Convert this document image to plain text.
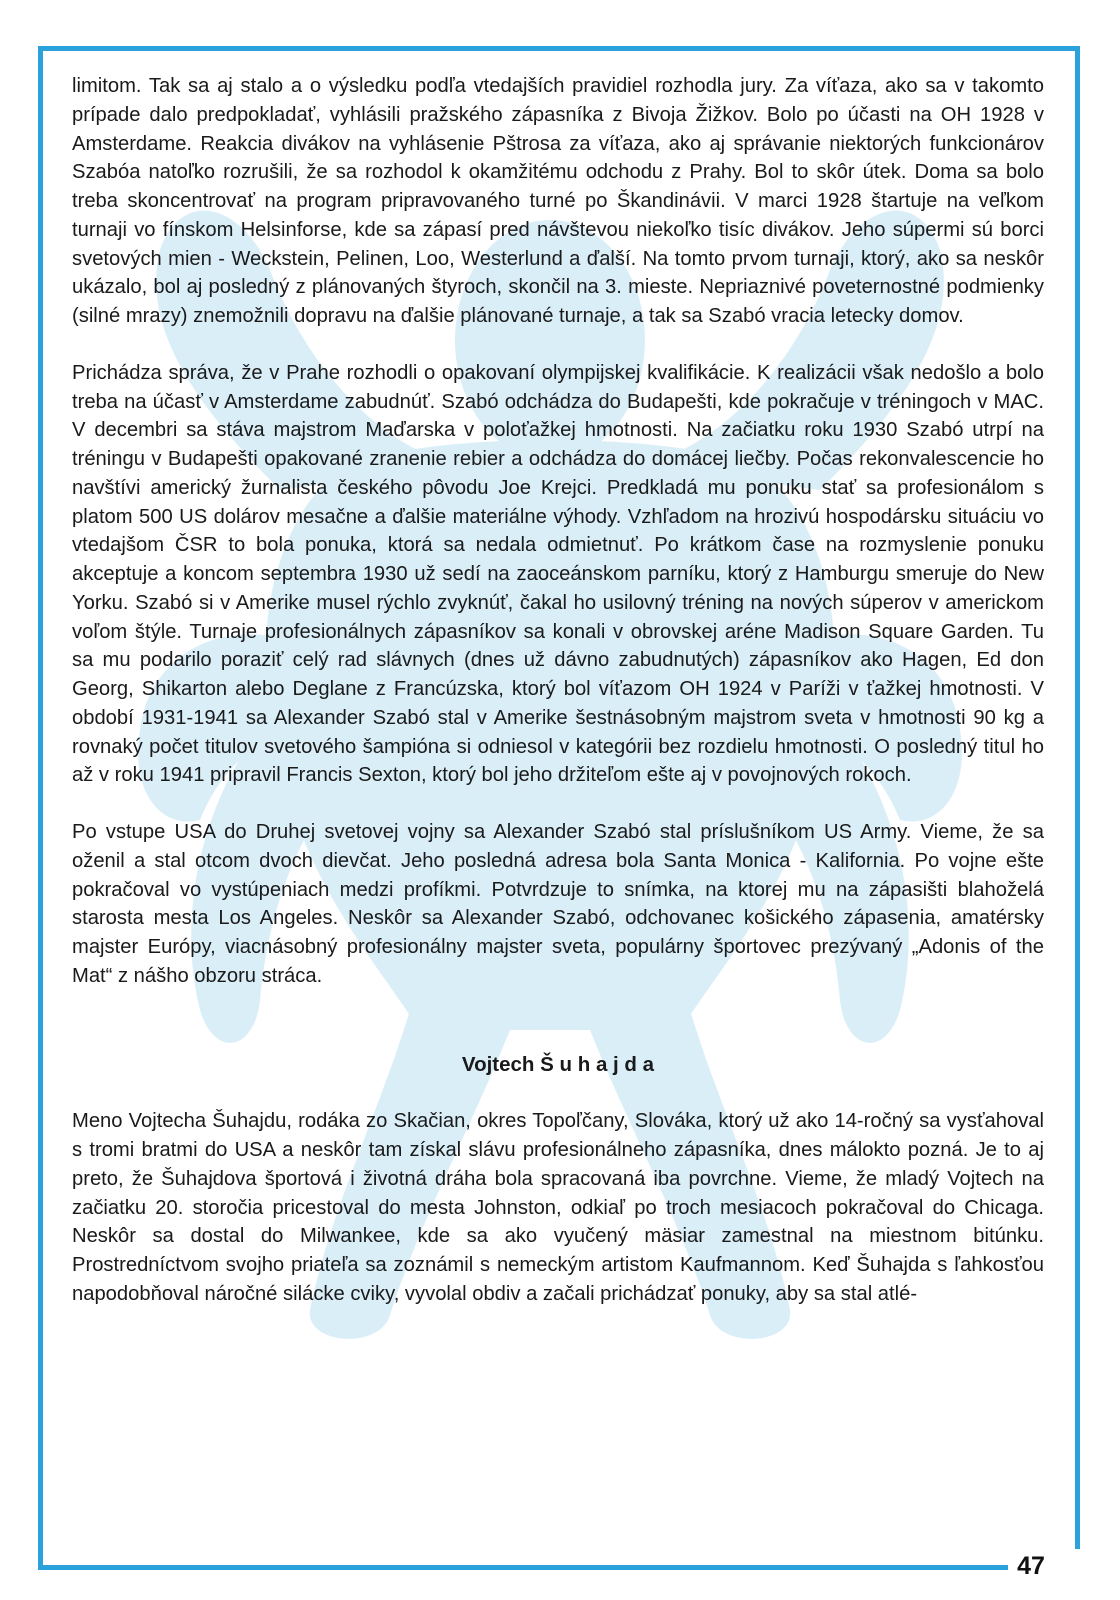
47

limitom. Tak sa aj stalo a o výsledku podľa vtedajších pravidiel rozhodla jury. Za víťaza, ako sa v takomto prípade dalo predpokladať, vyhlásili pražského zápasníka z Bivoja Žižkov. Bolo po účasti na OH 1928 v Amsterdame. Reakcia divákov na vyhlásenie Pštrosa za víťaza, ako aj správanie niektorých funkcionárov Szabóa natoľko rozrušili, že sa rozhodol k okamžitému odchodu z Prahy. Bol to skôr útek. Doma sa bolo treba skoncentrovať na program pripravovaného turné po Škandinávii. V marci 1928 štartuje na veľkom turnaji vo fínskom Helsinforse, kde sa zápasí pred návštevou niekoľko tisíc divákov. Jeho súpermi sú borci svetových mien - Weckstein, Pelinen, Loo, Westerlund a ďalší. Na tomto prvom turnaji, ktorý, ako sa neskôr ukázalo, bol aj posledný z plánovaných štyroch, skončil na 3. mieste. Nepriaznivé poveternostné podmienky (silné mrazy) znemožnili dopravu na ďalšie plánované turnaje, a tak sa Szabó vracia letecky domov.

Prichádza správa, že v Prahe rozhodli o opakovaní olympijskej kvalifikácie. K realizácii však nedošlo a bolo treba na účasť v Amsterdame zabudnúť. Szabó odchádza do Budapešti, kde pokračuje v tréningoch v MAC. V decembri sa stáva majstrom Maďarska v poloťažkej hmotnosti. Na začiatku roku 1930 Szabó utrpí na tréningu v Budapešti opakované zranenie rebier a odchádza do domácej liečby. Počas rekonvalescencie ho navštívi americký žurnalista českého pôvodu Joe Krejci. Predkladá mu ponuku stať sa profesionálom s platom 500 US dolárov mesačne a ďalšie materiálne výhody. Vzhľadom na hrozivú hospodársku situáciu vo vtedajšom ČSR to bola ponuka, ktorá sa nedala odmietnuť. Po krátkom čase na rozmyslenie ponuku akceptuje a koncom septembra 1930 už sedí na zaoceánskom parníku, ktorý z Hamburgu smeruje do New Yorku. Szabó si v Amerike musel rýchlo zvyknúť, čakal ho usilovný tréning na nových súperov v americkom voľom štýle. Turnaje profesionálnych zápasníkov sa konali v obrovskej aréne Madison Square Garden. Tu sa mu podarilo poraziť celý rad slávnych (dnes už dávno zabudnutých) zápasníkov ako Hagen, Ed don Georg, Shikarton alebo Deglane z Francúzska, ktorý bol víťazom OH 1924 v Paríži v ťažkej hmotnosti. V období 1931-1941 sa Alexander Szabó stal v Amerike šestnásobným majstrom sveta v hmotnosti 90 kg a rovnaký počet titulov svetového šampióna si odniesol v kategórii bez rozdielu hmotnosti. O posledný titul ho až v roku 1941 pripravil Francis Sexton, ktorý bol jeho držiteľom ešte aj v povojnových rokoch.

Po vstupe USA do Druhej svetovej vojny sa Alexander Szabó stal príslušníkom US Army. Vieme, že sa oženil a stal otcom dvoch dievčat. Jeho posledná adresa bola Santa Monica - Kalifornia. Po vojne ešte pokračoval vo vystúpeniach medzi profíkmi. Potvrdzuje to snímka, na ktorej mu na zápasišti blahoželá starosta mesta Los Angeles. Neskôr sa Alexander Szabó, odchovanec košického zápasenia, amatérsky majster Európy, viacnásobný profesionálny majster sveta, populárny športovec prezývaný „Adonis of the Mat“ z nášho obzoru stráca.

Vojtech Š u h a j d a

Meno Vojtecha Šuhajdu, rodáka zo Skačian, okres Topoľčany, Slováka, ktorý už ako 14-ročný sa vysťahoval s tromi bratmi do USA a neskôr tam získal slávu profesionálneho zápasníka, dnes málokto pozná. Je to aj preto, že Šuhajdova športová i životná dráha bola spracovaná iba povrchne. Vieme, že mladý Vojtech na začiatku 20. storočia pricestoval do mesta Johnston, odkiaľ po troch mesiacoch pokračoval do Chicaga. Neskôr sa dostal do Milwankee, kde sa ako vyučený mäsiar zamestnal na miestnom bitúnku. Prostredníctvom svojho priateľa sa zoznámil s nemeckým artistom Kaufmannom. Keď Šuhajda s ľahkosťou napodobňoval náročné silácke cviky, vyvolal obdiv a začali prichádzať ponuky, aby sa stal atlé-
